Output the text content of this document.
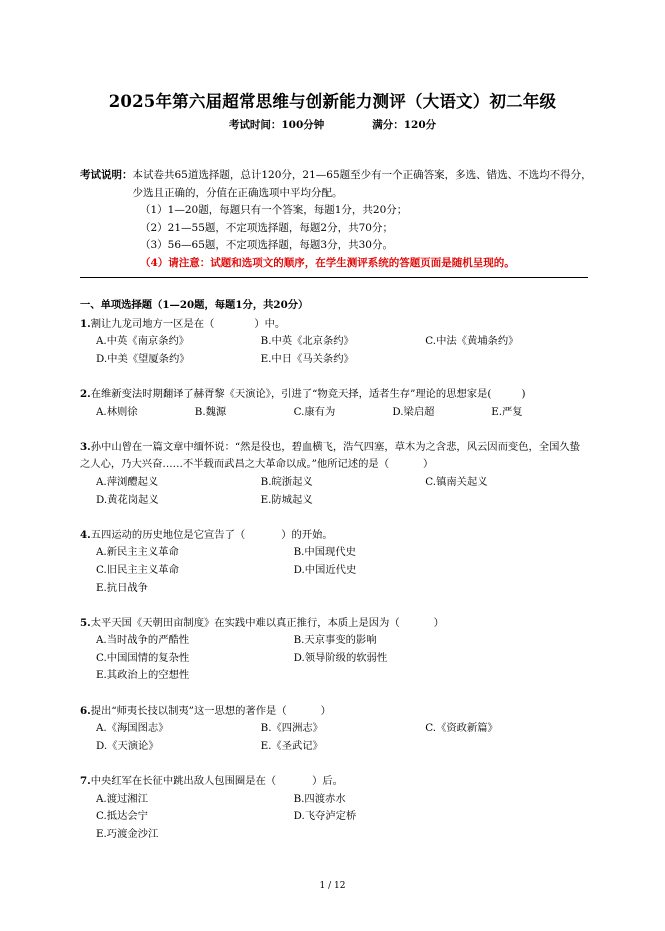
2025年第六届超常思维与创新能力测评（大语文）初二年级
考试时间：100分钟	满分：120分
考试说明： 本试卷共65道选择题，总计120分，21—65题至少有一个正确答案，多选、错选、不选均不得分，少选且正确的，分值在正确选项中平均分配。
（1）1—20题，每题只有一个答案，每题1分，共20分；
（2）21—55题，不定项选择题，每题2分，共70分；
（3）56—65题，不定项选择题，每题3分，共30分。
（4）请注意：试题和选项文的顺序，在学生测评系统的答题页面是随机呈现的。
一、单项选择题（1—20题，每题1分，共20分）
1.割让九龙司地方一区是在（	）中。
A.中英《南京条约》	B.中英《北京条约》	C.中法《黄埔条约》
D.中美《望厦条约》	E.中日《马关条约》
2.在维新变法时期翻译了赫胥黎《天演论》，引进了“物竞天择，适者生存”理论的思想家是(	)
A.林则徐	B.魏源	C.康有为	D.梁启超	E.严复
3.孙中山曾在一篇文章中缅怀说：“然是役也，碧血横飞，浩气四塞，草木为之含悲，风云因而变色，全国久蛰之人心，乃大兴奋……不半载而武昌之大革命以成。”他所记述的是（	）
A.萍浏醴起义	B.皖浙起义	C.镇南关起义
D.黄花岗起义	E.防城起义
4.五四运动的历史地位是它宣告了（	）的开始。
A.新民主主义革命	B.中国现代史
C.旧民主主义革命	D.中国近代史
E.抗日战争
5.太平天国《天朝田亩制度》在实践中难以真正推行，本质上是因为（	）
A.当时战争的严酷性	B.天京事变的影响
C.中国国情的复杂性	D.领导阶级的软弱性
E.其政治上的空想性
6.提出“师夷长技以制夷”这一思想的著作是（	）
A.《海国图志》	B.《四洲志》	C.《资政新篇》
D.《天演论》	E.《圣武记》
7.中央红军在长征中跳出敌人包围圈是在（	）后。
A.渡过湘江	B.四渡赤水
C.抵达会宁	D.飞夺泸定桥
E.巧渡金沙江
1 / 12
